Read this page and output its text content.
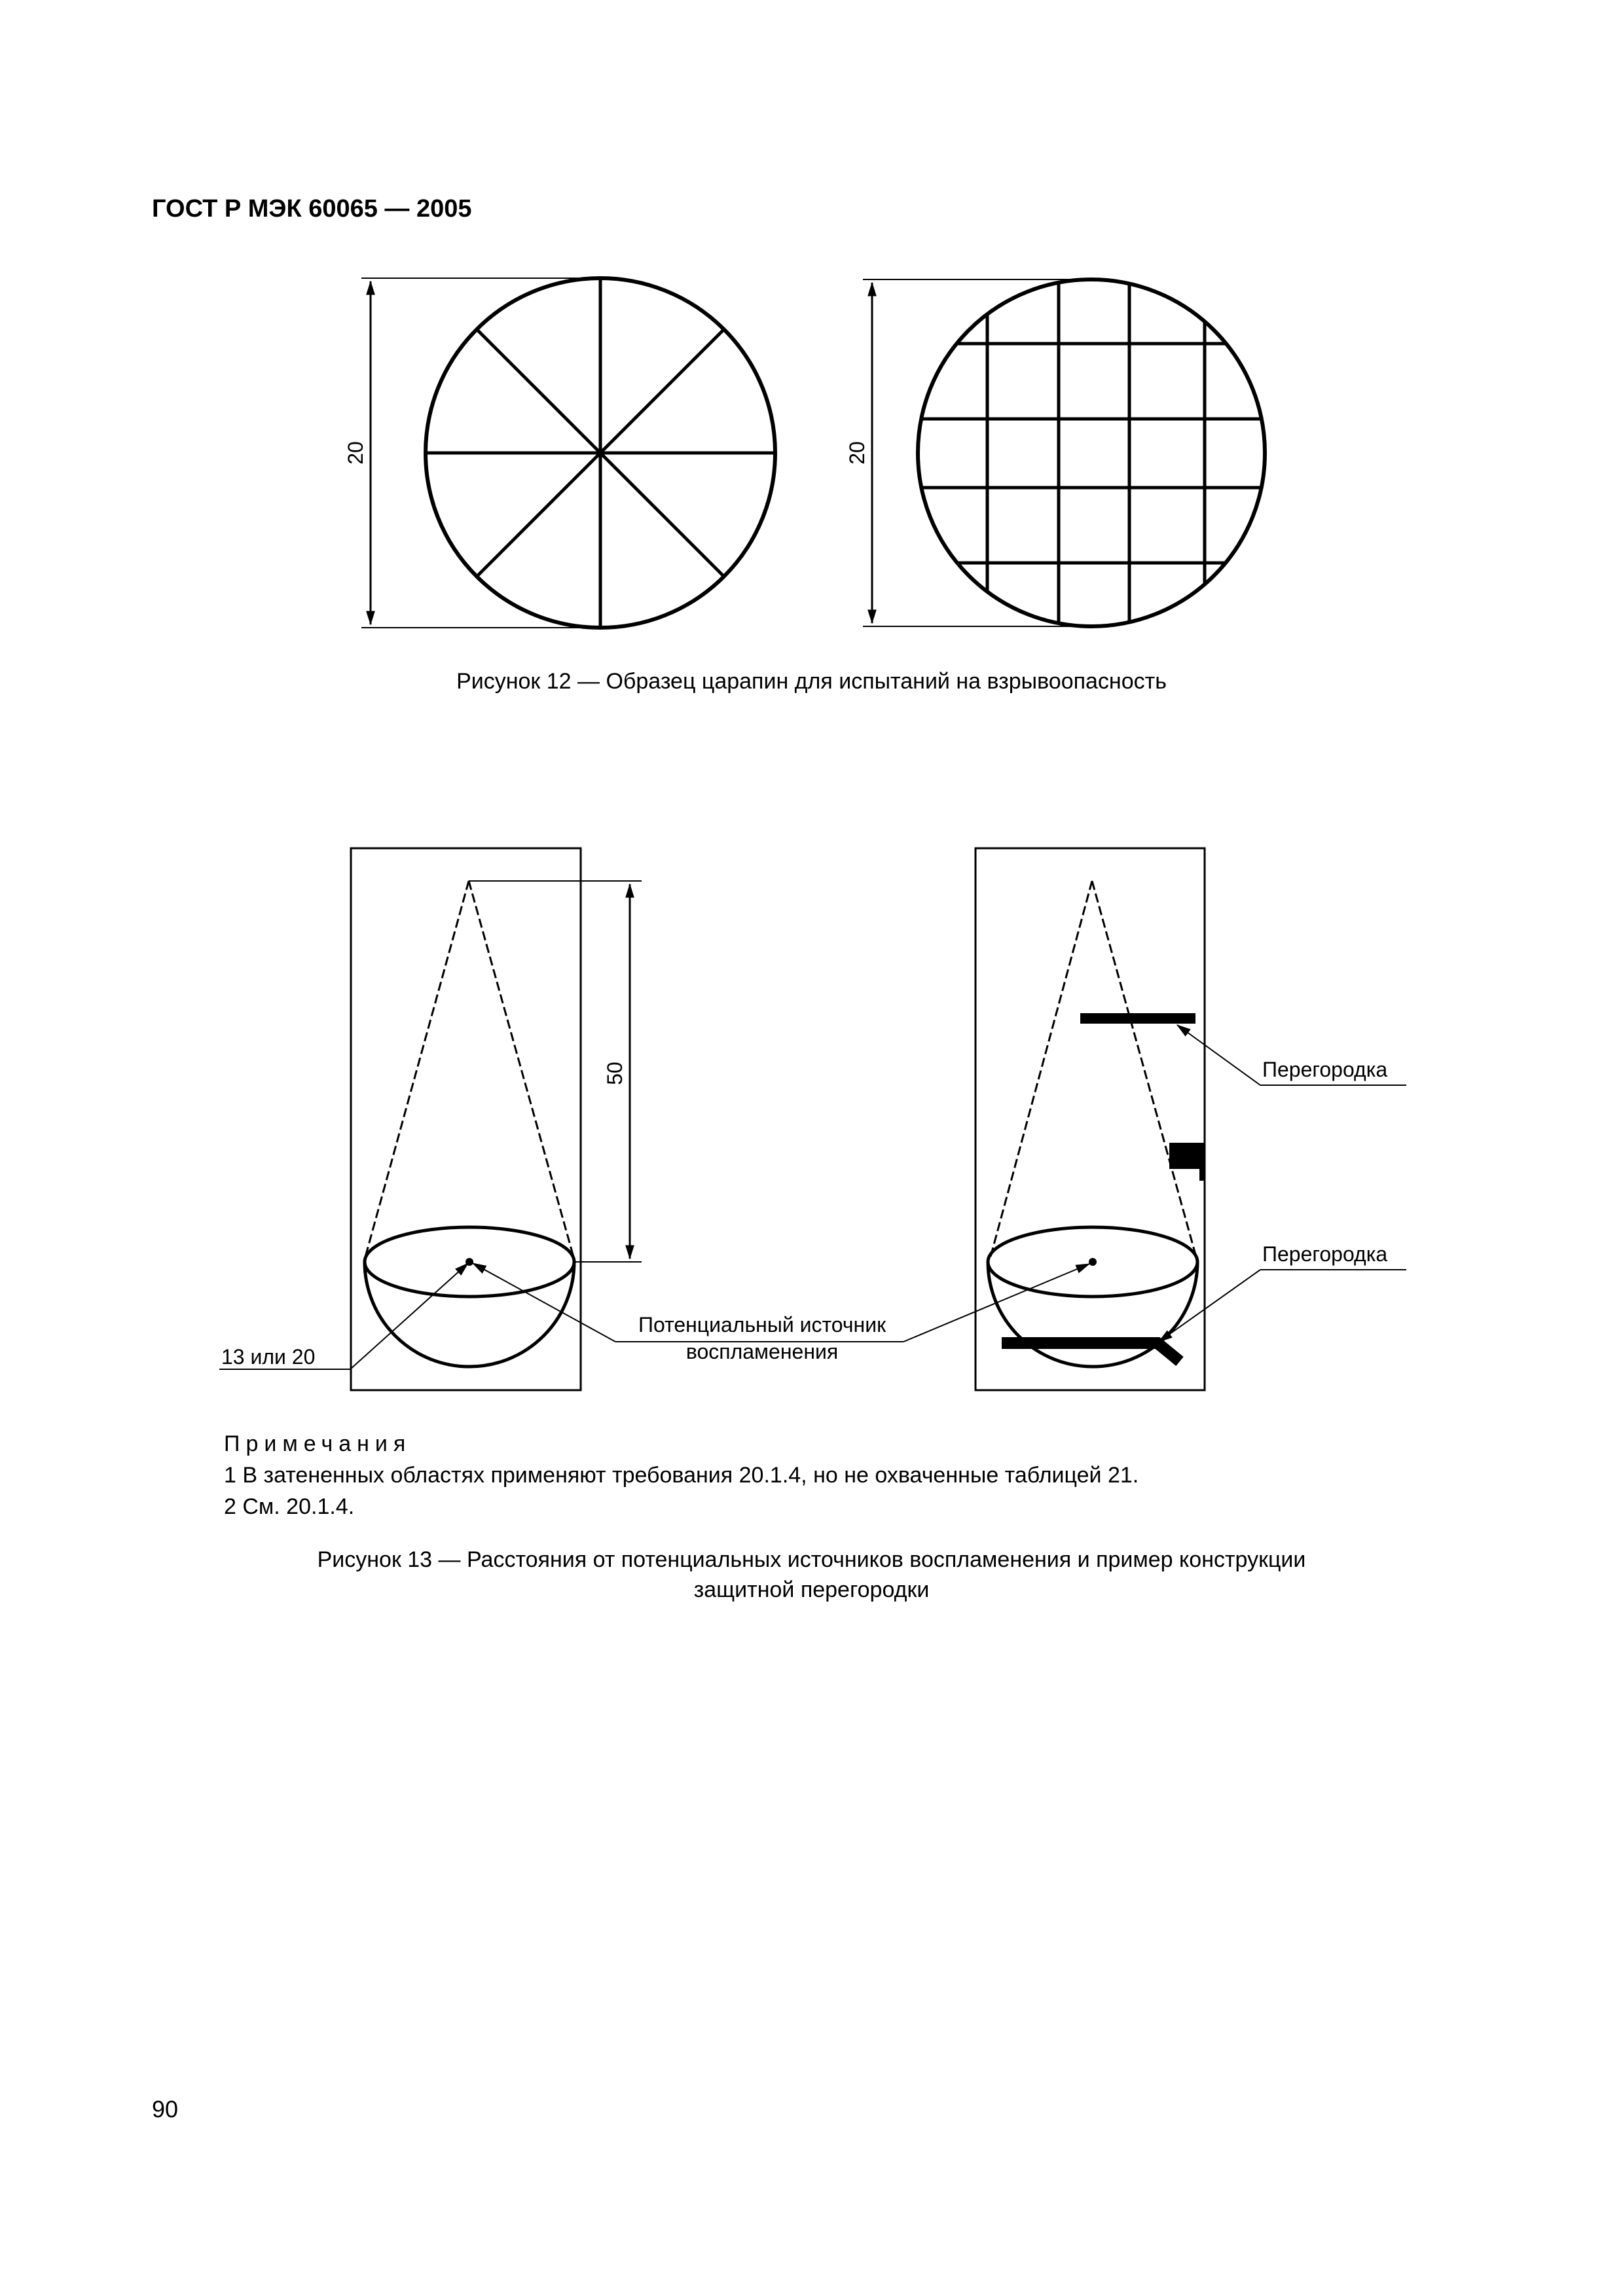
ГОСТ Р МЭК 60065 — 2005
20	20
50
13 или 20
Потенциальный источник
воспламенения
Перегородка
Перегородка
Рисунок 12 — Образец царапин для испытаний на взрывоопасность
Примечания
1 В затененных областях применяют требования 20.1.4, но не охваченные таблицей 21.
2 См. 20.1.4.
Рисунок 13 — Расстояния от потенциальных источников воспламенения и пример конструкции
защитной перегородки
90
